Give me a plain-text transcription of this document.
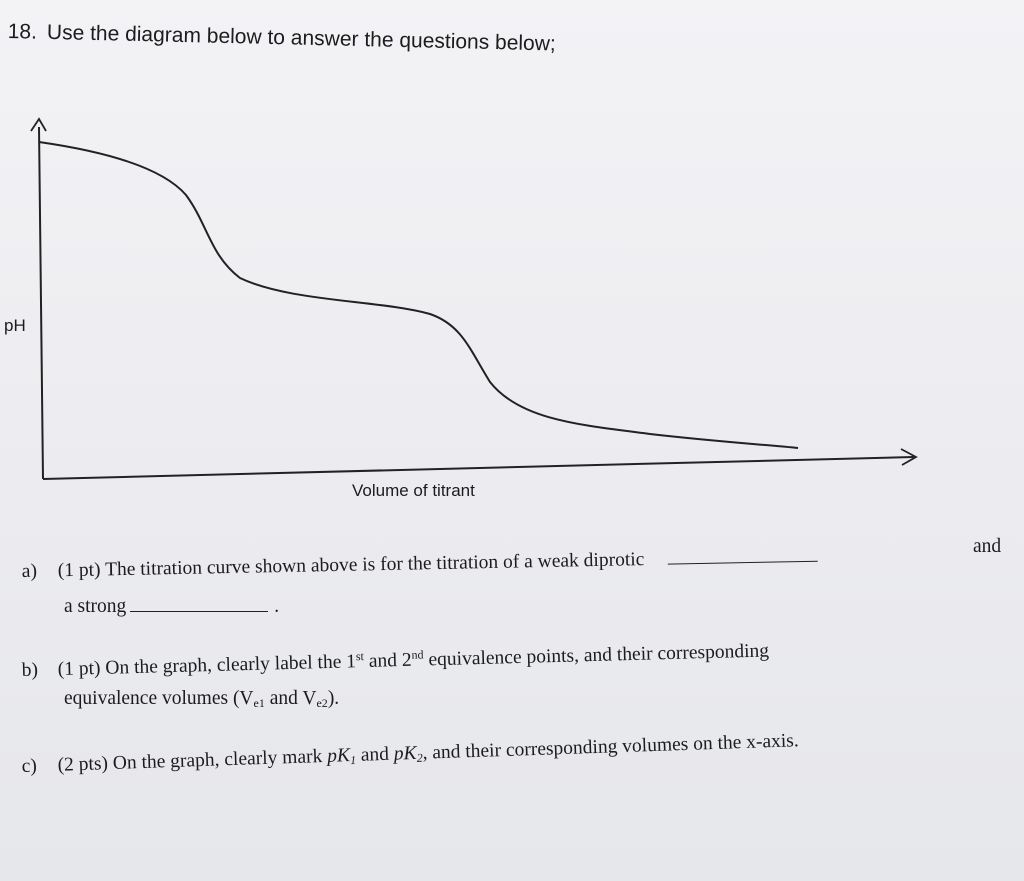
18. Use the diagram below to answer the questions below;
pH
Volume of titrant
a) (1 pt) The titration curve shown above is for the titration of a weak diprotic
and
a strong	.
b) (1 pt) On the graph, clearly label the 1st and 2nd equivalence points, and their corresponding
equivalence volumes ($V_{e1}$ and $V_{e2}$).
c) (2 pts) On the graph, clearly mark $pK_1$ and $pK_2$, and their corresponding volumes on the x-axis.
